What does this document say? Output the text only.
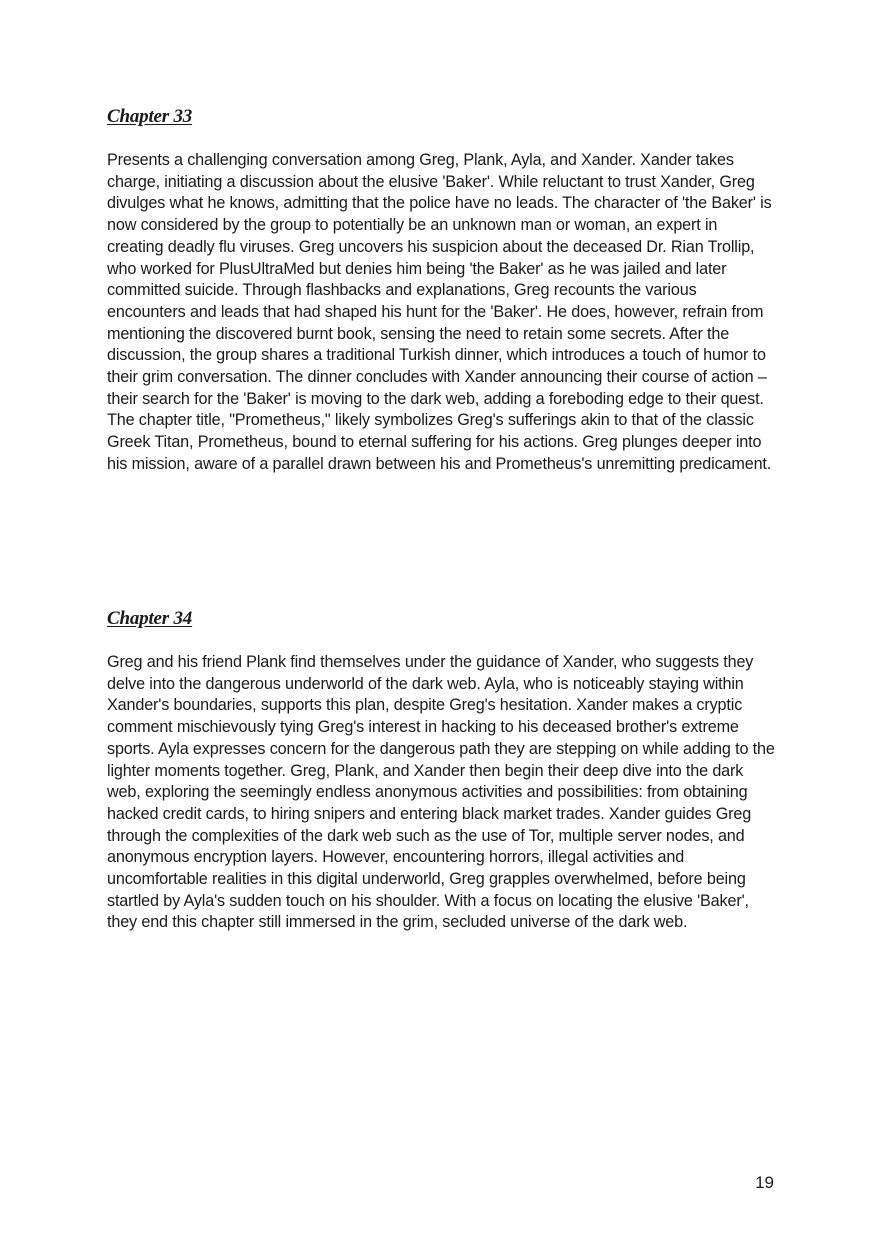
Chapter 33

Presents a challenging conversation among Greg, Plank, Ayla, and Xander. Xander takes charge, initiating a discussion about the elusive 'Baker'. While reluctant to trust Xander, Greg divulges what he knows, admitting that the police have no leads. The character of 'the Baker' is now considered by the group to potentially be an unknown man or woman, an expert in creating deadly flu viruses. Greg uncovers his suspicion about the deceased Dr. Rian Trollip, who worked for PlusUltraMed but denies him being 'the Baker' as he was jailed and later committed suicide. Through flashbacks and explanations, Greg recounts the various encounters and leads that had shaped his hunt for the 'Baker'. He does, however, refrain from mentioning the discovered burnt book, sensing the need to retain some secrets. After the discussion, the group shares a traditional Turkish dinner, which introduces a touch of humor to their grim conversation. The dinner concludes with Xander announcing their course of action – their search for the 'Baker' is moving to the dark web, adding a foreboding edge to their quest. The chapter title, "Prometheus," likely symbolizes Greg's sufferings akin to that of the classic Greek Titan, Prometheus, bound to eternal suffering for his actions. Greg plunges deeper into his mission, aware of a parallel drawn between his and Prometheus's unremitting predicament.

Chapter 34

Greg and his friend Plank find themselves under the guidance of Xander, who suggests they delve into the dangerous underworld of the dark web. Ayla, who is noticeably staying within Xander's boundaries, supports this plan, despite Greg's hesitation. Xander makes a cryptic comment mischievously tying Greg's interest in hacking to his deceased brother's extreme sports. Ayla expresses concern for the dangerous path they are stepping on while adding to the lighter moments together. Greg, Plank, and Xander then begin their deep dive into the dark web, exploring the seemingly endless anonymous activities and possibilities: from obtaining hacked credit cards, to hiring snipers and entering black market trades. Xander guides Greg through the complexities of the dark web such as the use of Tor, multiple server nodes, and anonymous encryption layers. However, encountering horrors, illegal activities and uncomfortable realities in this digital underworld, Greg grapples overwhelmed, before being startled by Ayla's sudden touch on his shoulder. With a focus on locating the elusive 'Baker', they end this chapter still immersed in the grim, secluded universe of the dark web.

19
